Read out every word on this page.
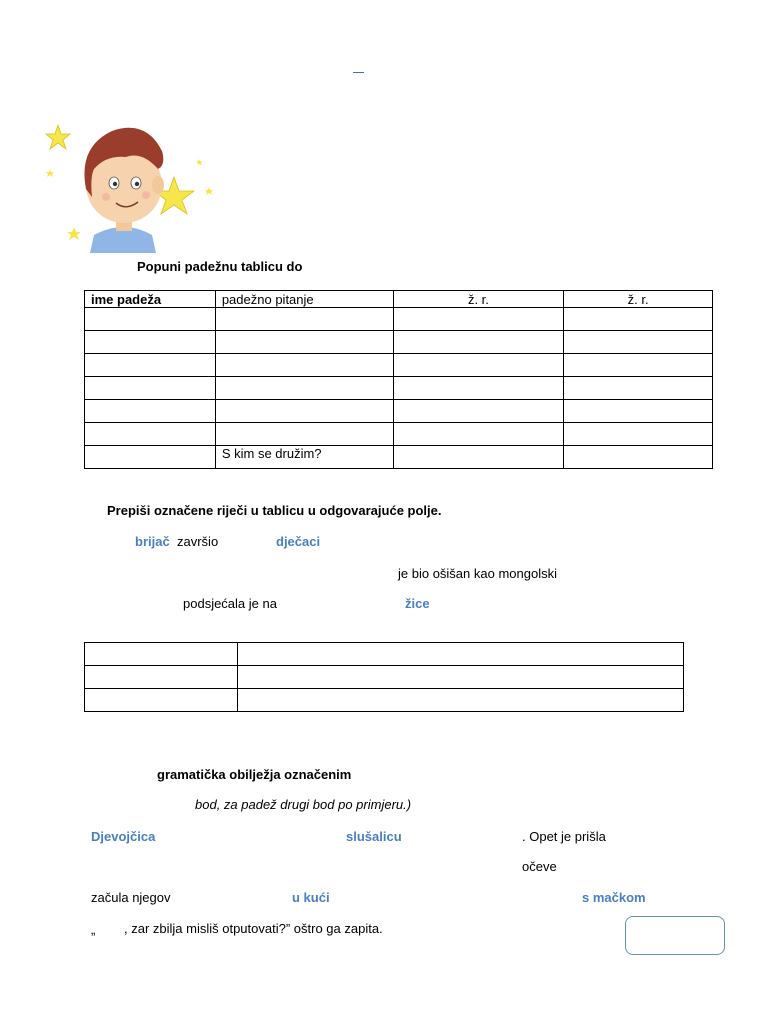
Popuni padežnu tablicu do
ime padeža	padežno pitanje	ž. r.	ž. r.

	S kim se družim?		
Prepiši označene riječi u tablicu u odgovarajuće polje.
brijač završio	dječaci
je bio ošišan kao mongolski
podsjećala je na	žice

gramatička obilježja označenim
bod, za padež drugi bod po primjeru.)
Djevojčica	slušalicu	. Opet je prišla
očeve
začula njegov	u kući	s mačkom
„ , zar zbilja misliš otputovati?” oštro ga zapita.
